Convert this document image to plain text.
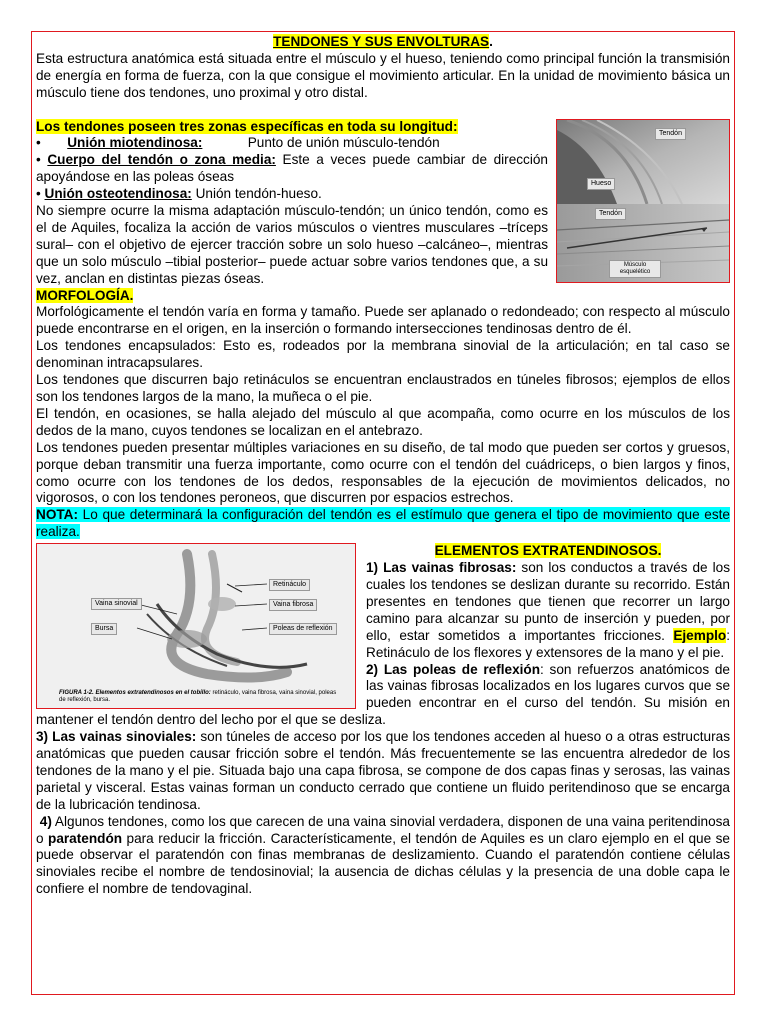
TENDONES Y SUS ENVOLTURAS.

Esta estructura anatómica está situada entre el músculo y el hueso, teniendo como principal función la transmisión de energía en forma de fuerza, con la que consigue el movimiento articular. En la unidad de movimiento básica un músculo tiene dos tendones, uno proximal y otro distal.

Tendón
Hueso
Tendón
Músculo esquelético

Los tendones poseen tres zonas específicas en toda su longitud:

•       Unión miotendinosa:	Punto de unión músculo-tendón

• Cuerpo del tendón o zona media: Este a veces puede cambiar de dirección apoyándose en las poleas óseas

• Unión osteotendinosa: Unión tendón-hueso.

No siempre ocurre la misma adaptación músculo-tendón; un único tendón, como es el de Aquiles, focaliza la acción de varios músculos o vientres musculares –tríceps sural– con el objetivo de ejercer tracción sobre un solo hueso –calcáneo–, mientras que un solo músculo –tibial posterior– puede actuar sobre varios tendones que, a su vez, anclan en distintas piezas óseas.

MORFOLOGÍA.

Morfológicamente el tendón varía en forma y tamaño. Puede ser aplanado o redondeado; con respecto al músculo puede encontrarse en el origen, en la inserción o formando intersecciones tendinosas dentro de él.

Los tendones encapsulados: Esto es, rodeados por la membrana sinovial de la articulación; en tal caso se denominan intracapsulares.

Los tendones que discurren bajo retináculos se encuentran enclaustrados en túneles fibrosos; ejemplos de ellos son los tendones largos de la mano, la muñeca o el pie.

El tendón, en ocasiones, se halla alejado del músculo al que acompaña, como ocurre en los músculos de los dedos de la mano, cuyos tendones se localizan en el antebrazo.

Los tendones pueden presentar múltiples variaciones en su diseño, de tal modo que pueden ser cortos y gruesos, porque deban transmitir una fuerza importante, como ocurre con el tendón del cuádriceps, o bien largos y finos, como ocurre con los tendones de los dedos, responsables de la ejecución de movimientos delicados, no vigorosos, o con los tendones peroneos, que discurren por espacios estrechos.

NOTA: Lo que determinará la configuración del tendón es el estímulo que genera el tipo de movimiento que este realiza.

Retináculo
Vaina sinovial	Vaina fibrosa
Bursa	Poleas de reflexión
FIGURA 1-2. Elementos extratendinosos en el tobillo: retináculo, vaina fibrosa, vaina sinovial, poleas de reflexión, bursa.

ELEMENTOS EXTRATENDINOSOS.

1) Las vainas fibrosas: son los conductos a través de los cuales los tendones se deslizan durante su recorrido. Están presentes en tendones que tienen que recorrer un largo camino para alcanzar su punto de inserción y pueden, por ello, estar sometidos a importantes fricciones. Ejemplo: Retináculo de los flexores y extensores de la mano y el pie.

2) Las poleas de reflexión: son refuerzos anatómicos de las vainas fibrosas localizados en los lugares curvos que se pueden encontrar en el curso del tendón. Su misión en mantener el tendón dentro del lecho por el que se desliza.

3) Las vainas sinoviales: son túneles de acceso por los que los tendones acceden al hueso o a otras estructuras anatómicas que pueden causar fricción sobre el tendón. Más frecuentemente se las encuentra alrededor de los tendones de la mano y el pie. Situada bajo una capa fibrosa, se compone de dos capas finas y serosas, las vainas parietal y visceral. Estas vainas forman un conducto cerrado que contiene un fluido peritendinoso que se encarga de la lubricación tendinosa.

4) Algunos tendones, como los que carecen de una vaina sinovial verdadera, disponen de una vaina peritendinosa o paratendón para reducir la fricción. Característicamente, el tendón de Aquiles es un claro ejemplo en el que se puede observar el paratendón con finas membranas de deslizamiento. Cuando el paratendón contiene células sinoviales recibe el nombre de tendosinovial; la ausencia de dichas células y la presencia de una doble capa le confiere el nombre de tendovaginal.
